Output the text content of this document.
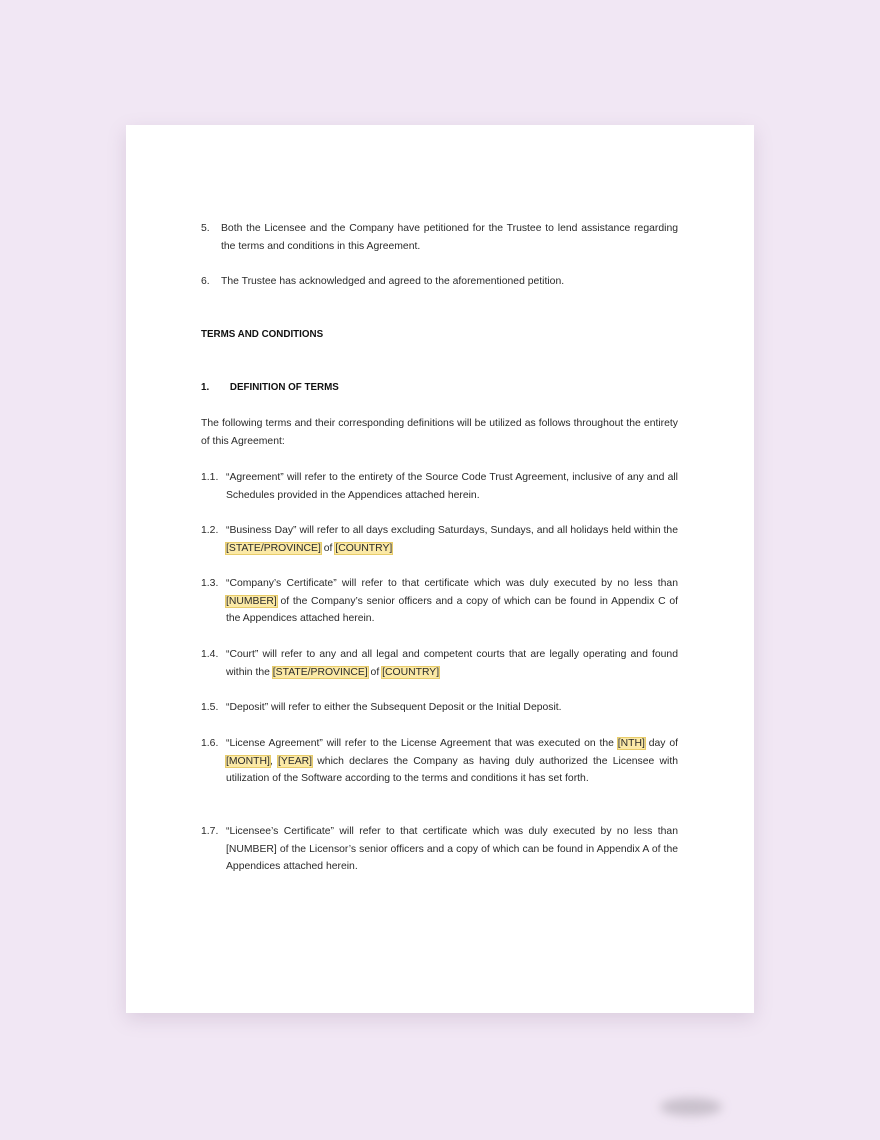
TERMS AND CONDITIONS
1. DEFINITION OF TERMS
The following terms and their corresponding definitions will be utilized as follows throughout the entirety of this Agreement:
5. Both the Licensee and the Company have petitioned for the Trustee to lend assistance regarding the terms and conditions in this Agreement.
6. The Trustee has acknowledged and agreed to the aforementioned petition.
1.1. “Agreement” will refer to the entirety of the Source Code Trust Agreement, inclusive of any and all Schedules provided in the Appendices attached herein.
1.2. “Business Day” will refer to all days excluding Saturdays, Sundays, and all holidays held within the [STATE/PROVINCE] of [COUNTRY]
1.3. “Company’s Certificate” will refer to that certificate which was duly executed by no less than [NUMBER] of the Company’s senior officers and a copy of which can be found in Appendix C of the Appendices attached herein.
1.4. “Court” will refer to any and all legal and competent courts that are legally operating and found within the [STATE/PROVINCE] of [COUNTRY]
1.5. “Deposit” will refer to either the Subsequent Deposit or the Initial Deposit.
1.6. “License Agreement” will refer to the License Agreement that was executed on the [NTH] day of [MONTH], [YEAR] which declares the Company as having duly authorized the Licensee with utilization of the Software according to the terms and conditions it has set forth.
1.7. “Licensee’s Certificate” will refer to that certificate which was duly executed by no less than [NUMBER] of the Licensor’s senior officers and a copy of which can be found in Appendix A of the Appendices attached herein.
